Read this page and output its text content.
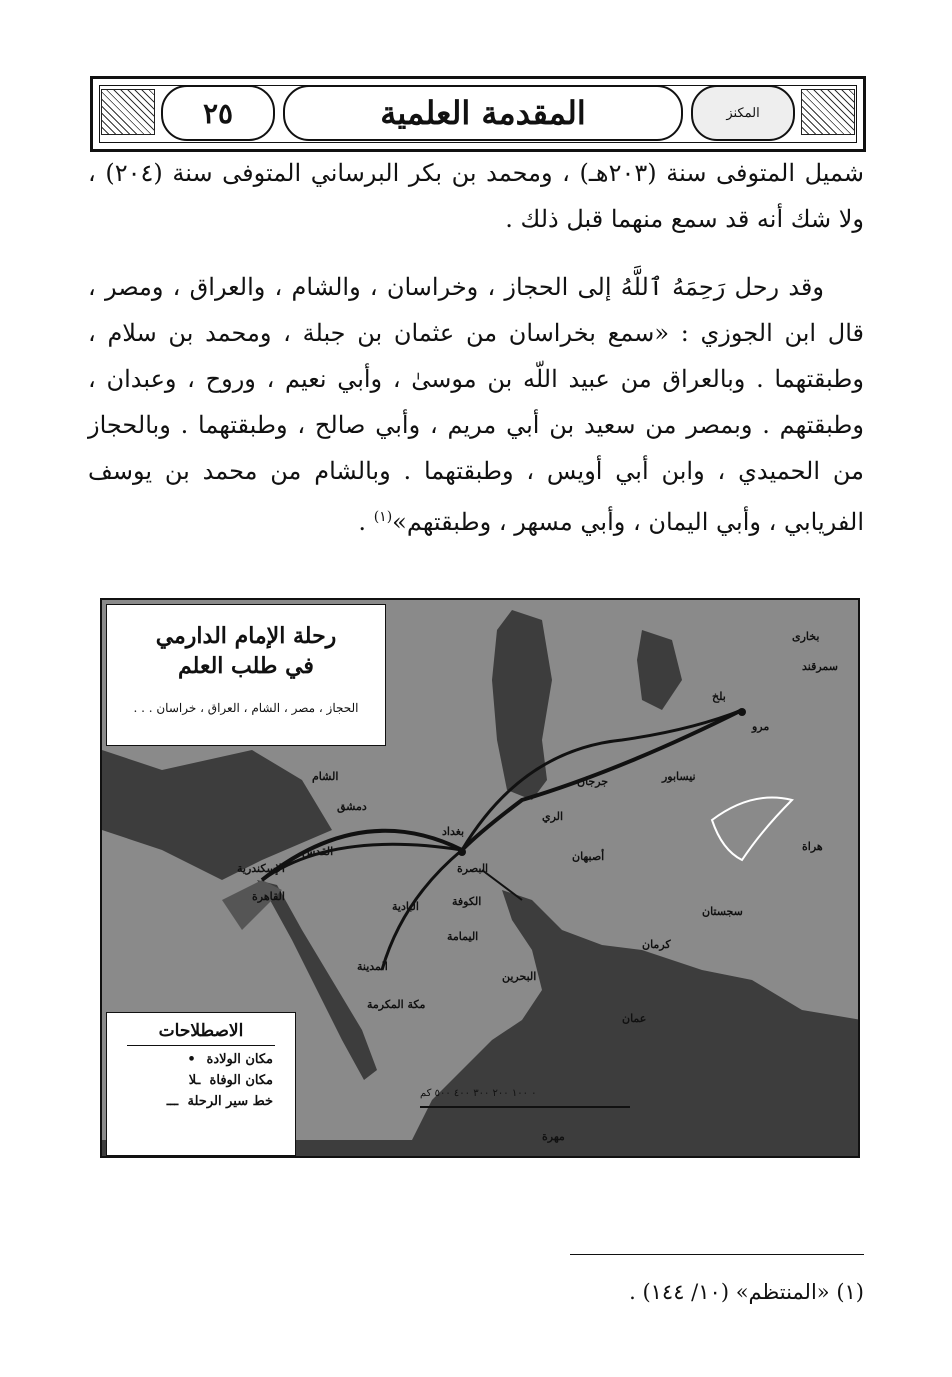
٢٥	المقدمة العلمية	المكنز
شميل المتوفى سنة (٢٠٣هـ) ، ومحمد بن بكر البرساني المتوفى سنة (٢٠٤) ، ولا شك أنه قد سمع منهما قبل ذلك .
وقد رحل رَحِمَهُ ٱللَّهُ إلى الحجاز ، وخراسان ، والشام ، والعراق ، ومصر ، قال ابن الجوزي : «سمع بخراسان من عثمان بن جبلة ، ومحمد بن سلام ، وطبقتهما . وبالعراق من عبيد اللّه بن موسىٰ ، وأبي نعيم ، وروح ، وعبدان ، وطبقتهم . وبمصر من سعيد بن أبي مريم ، وأبي صالح ، وطبقتهما . وبالحجاز من الحميدي ، وابن أبي أويس ، وطبقتهما . وبالشام من محمد بن يوسف الفريابي ، وأبي اليمان ، وأبي مسهر ، وطبقتهم»$^{(١)}$ .
رحلة الإمام الدارمي
في طلب العلم
الحجاز ، مصر ، الشام ، العراق ، خراسان . . .
البصرة
بغداد
دمشق
القدس
الإسكندرية
القاهرة
مكة المكرمة
المدينة
اليمامة
كرمان
سجستان
مرو
سمرقند
بخارى
نيسابور
جرجان
الري
أصبهان
البحرين
عمان
مهرة
الشام
البادية	الكوفة
هراة
بلخ
٠ ١٠٠ ٢٠٠ ٣٠٠ ٤٠٠ ٥٠٠ كم
الاصطلاحات
مكان الولادة
•
مكان الوفاة
ـلا
خط سير الرحلة
ـــ
(١) «المنتظم» (١٠/ ١٤٤) .
